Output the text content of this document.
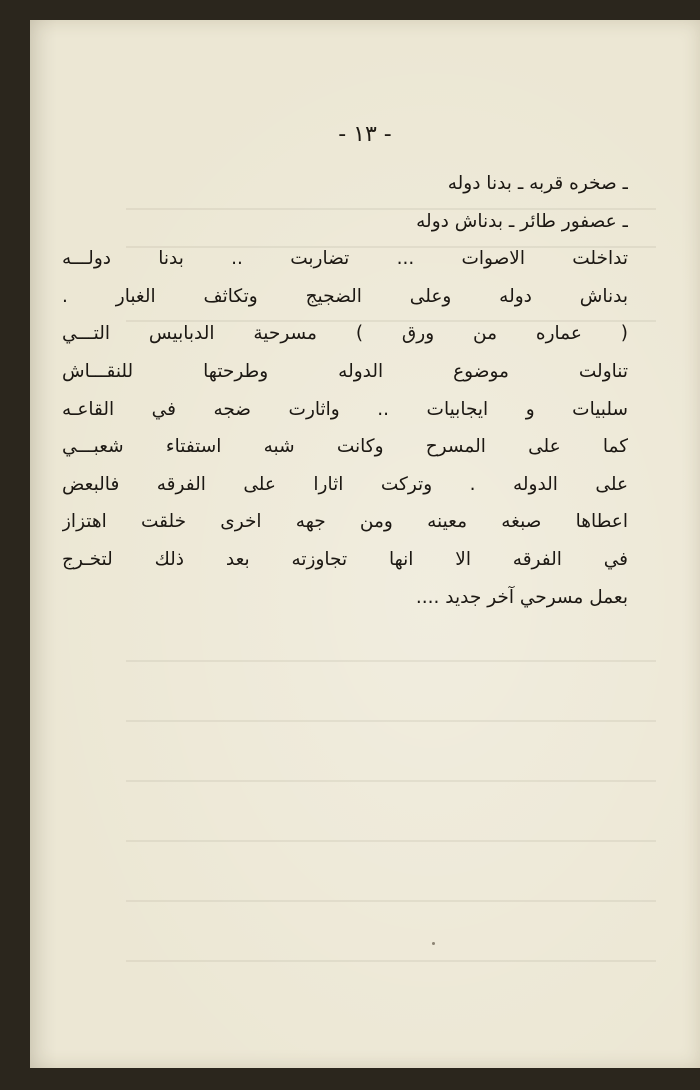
- ١٣ -
ـ صخره قربه ـ بدنا دوله
ـ عصفور طائر ـ بدناش دوله
تداخلت الاصوات ... تضاربت .. بدنا دولـــه
بدناش دوله وعلى الضجيج وتكاثف الغبار .
( عماره من ورق ) مسرحية الدبابيس التـــي
تناولت موضوع الدوله وطرحتها للنقـــاش
سلبيات و ايجابيات .. واثارت ضجه في القاعـه
كما على المسرح وكانت شبه استفتاء شعبـــي
على الدوله . وتركت اثارا على الفرقه فالبعض
اعطاها صبغه معينه ومن جهه اخرى خلقت اهتزاز
في الفرقه الا انها تجاوزته بعد ذلك لتخـرج
بعمل مسرحي آخر جديد ....
